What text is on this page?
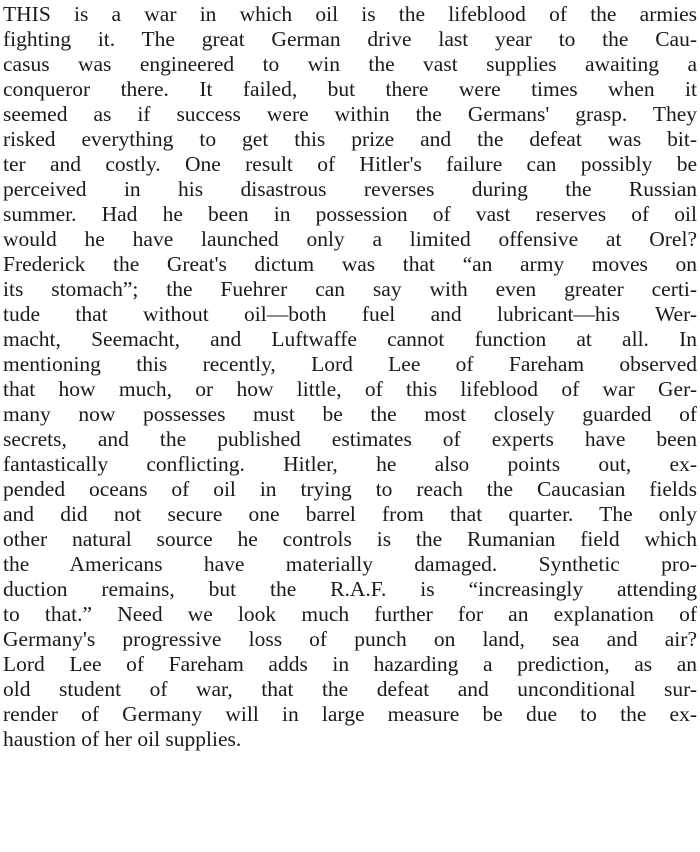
THIS is a war in which oil is the lifeblood of the armies
fighting it. The great German drive last year to the Cau-
casus was engineered to win the vast supplies awaiting a
conqueror there. It failed, but there were times when it
seemed as if success were within the Germans' grasp. They
risked everything to get this prize and the defeat was bit-
ter and costly. One result of Hitler's failure can possibly be
perceived in his disastrous reverses during the Russian
summer. Had he been in possession of vast reserves of oil
would he have launched only a limited offensive at Orel?
Frederick the Great's dictum was that “an army moves on
its stomach”; the Fuehrer can say with even greater certi-
tude that without oil—both fuel and lubricant—his Wer-
macht, Seemacht, and Luftwaffe cannot function at all. In
mentioning this recently, Lord Lee of Fareham observed
that how much, or how little, of this lifeblood of war Ger-
many now possesses must be the most closely guarded of
secrets, and the published estimates of experts have been
fantastically conflicting. Hitler, he also points out, ex-
pended oceans of oil in trying to reach the Caucasian fields
and did not secure one barrel from that quarter. The only
other natural source he controls is the Rumanian field which
the Americans have materially damaged. Synthetic pro-
duction remains, but the R.A.F. is “increasingly attending
to that.” Need we look much further for an explanation of
Germany's progressive loss of punch on land, sea and air?
Lord Lee of Fareham adds in hazarding a prediction, as an
old student of war, that the defeat and unconditional sur-
render of Germany will in large measure be due to the ex-
haustion of her oil supplies.
